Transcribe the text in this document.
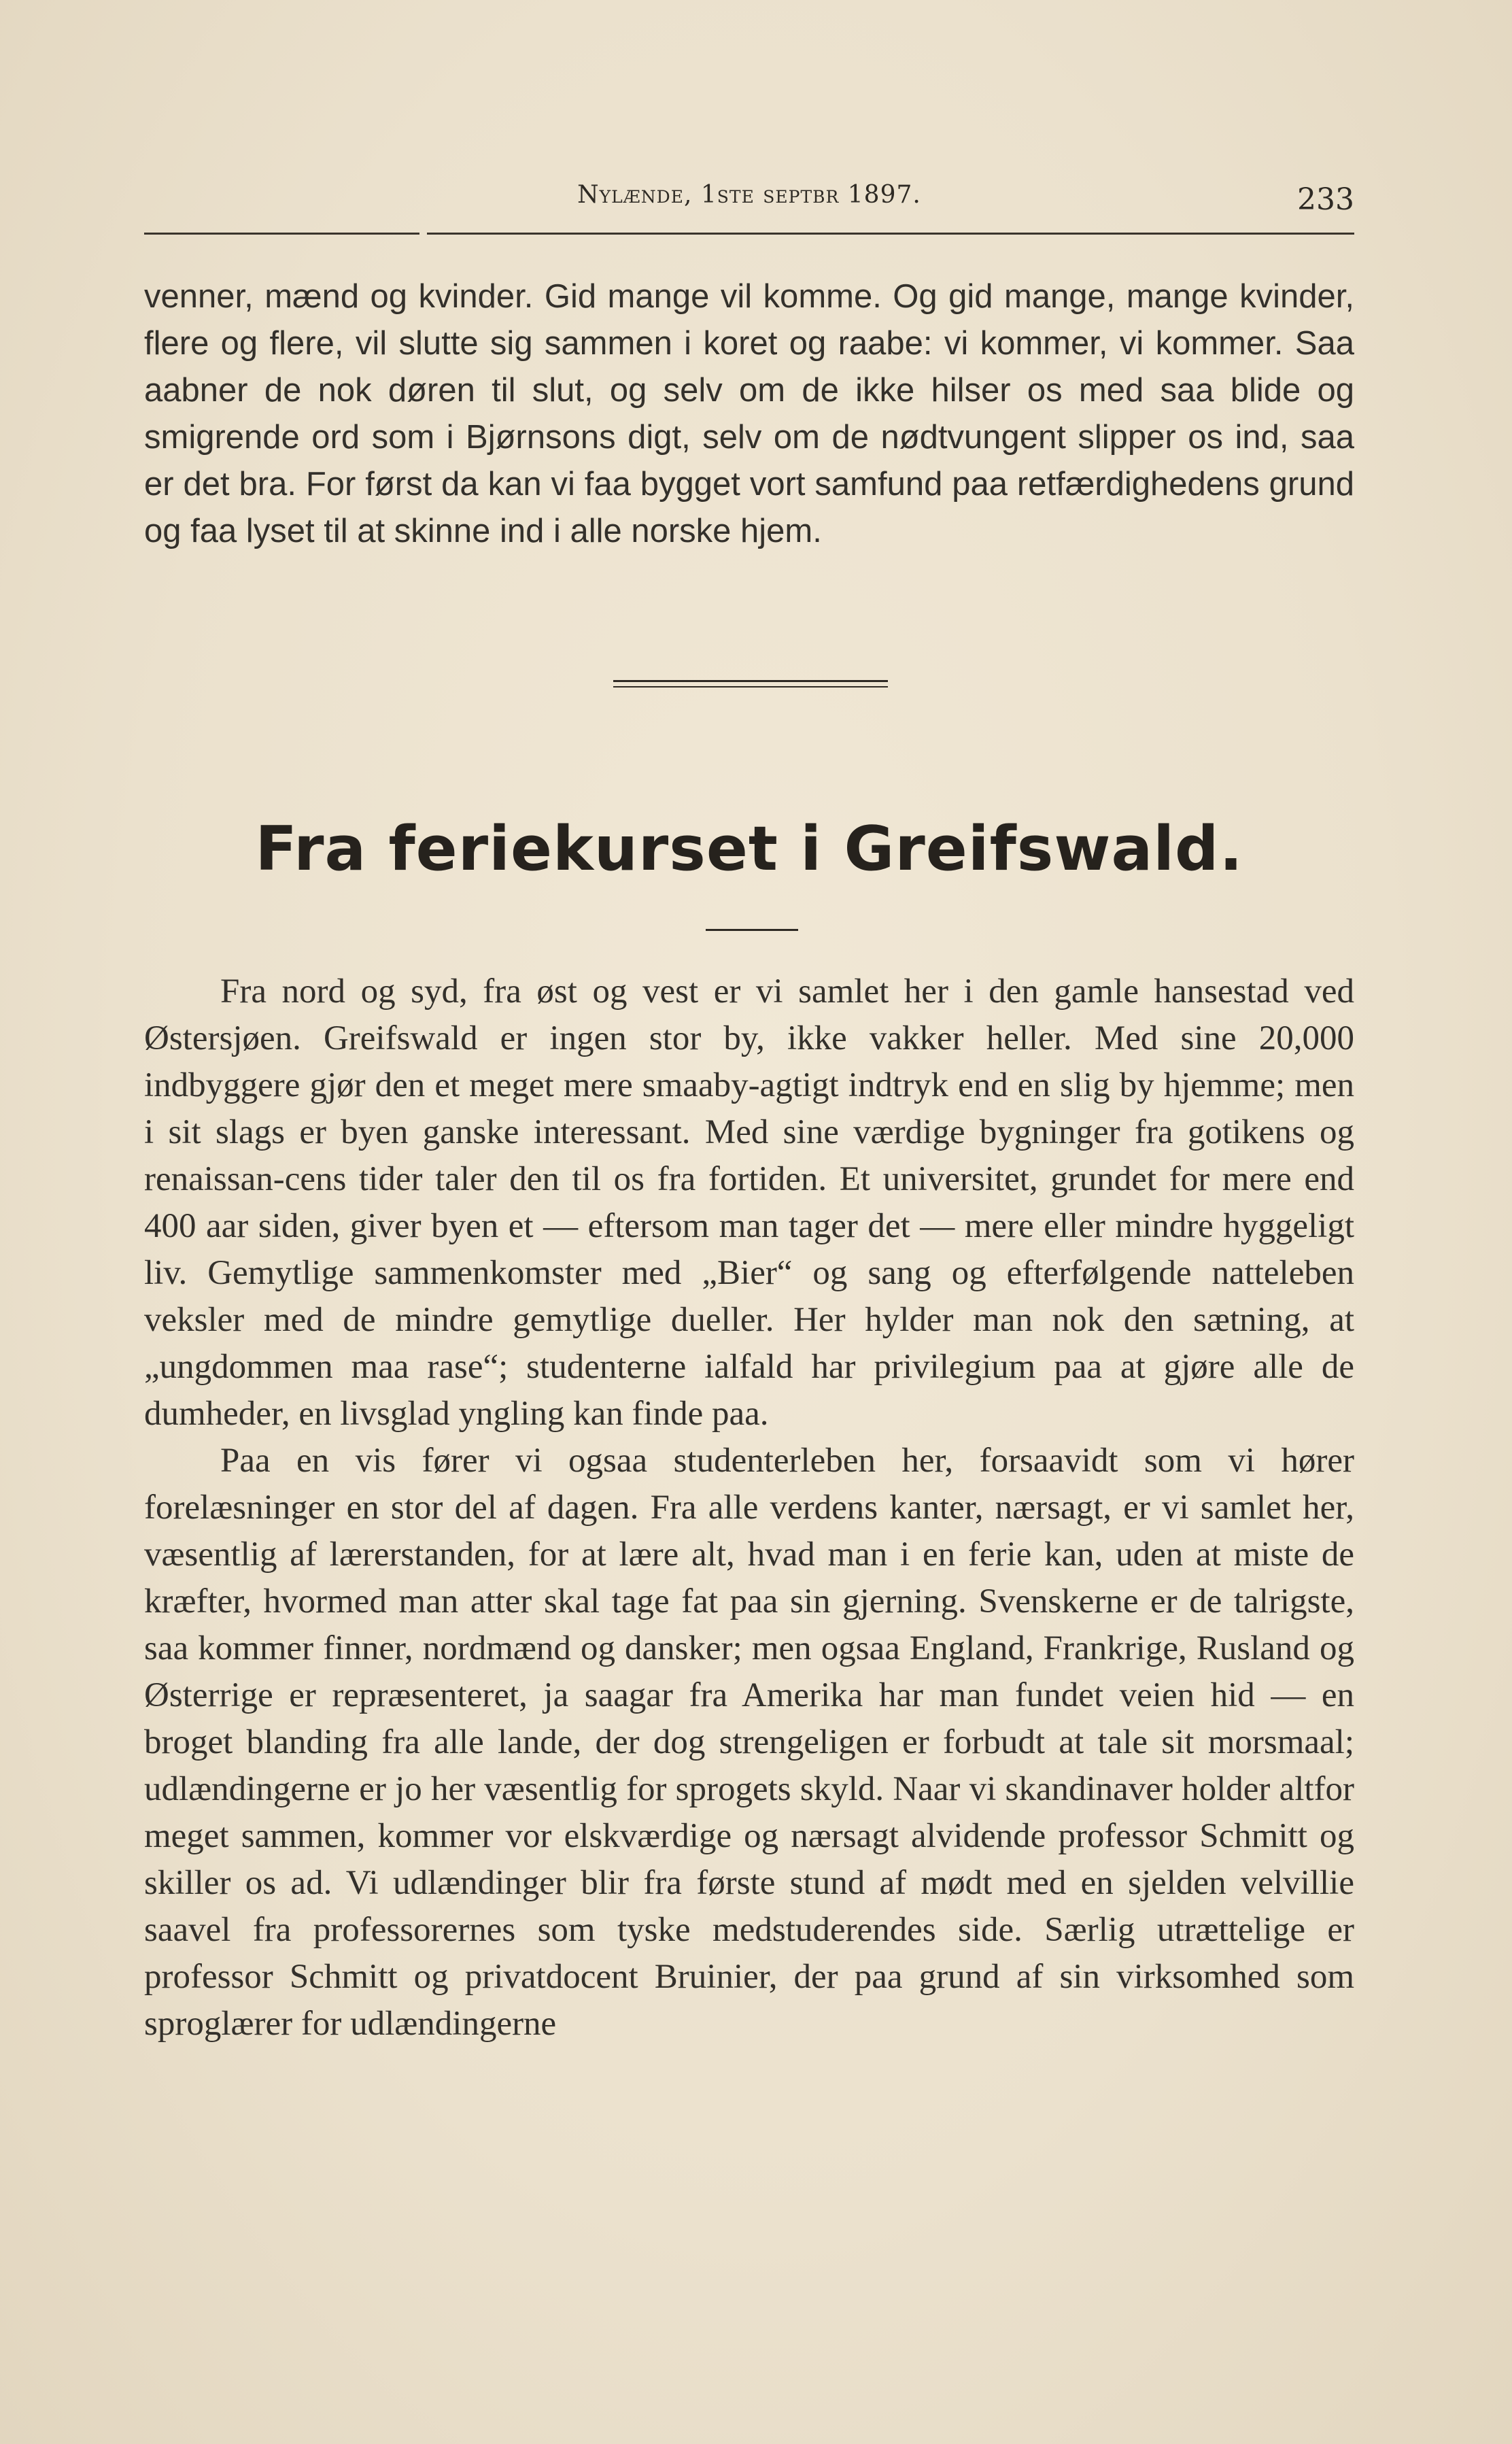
Nylænde, 1ste septbr 1897.	233

venner, mænd og kvinder. Gid mange vil komme. Og gid mange, mange kvinder, flere og flere, vil slutte sig sammen i koret og raabe: vi kommer, vi kommer. Saa aabner de nok døren til slut, og selv om de ikke hilser os med saa blide og smigrende ord som i Bjørnsons digt, selv om de nødtvungent slipper os ind, saa er det bra. For først da kan vi faa bygget vort samfund paa retfærdighedens grund og faa lyset til at skinne ind i alle norske hjem.

Fra feriekurset i Greifswald.

Fra nord og syd, fra øst og vest er vi samlet her i den gamle hansestad ved Østersjøen. Greifswald er ingen stor by, ikke vakker heller. Med sine 20,000 indbyggere gjør den et meget mere smaaby-agtigt indtryk end en slig by hjemme; men i sit slags er byen ganske interessant. Med sine værdige bygninger fra gotikens og renaissan-cens tider taler den til os fra fortiden. Et universitet, grundet for mere end 400 aar siden, giver byen et — eftersom man tager det — mere eller mindre hyggeligt liv. Gemytlige sammenkomster med „Bier“ og sang og efterfølgende natteleben veksler med de mindre gemytlige dueller. Her hylder man nok den sætning, at „ungdommen maa rase“; studenterne ialfald har privilegium paa at gjøre alle de dumheder, en livsglad yngling kan finde paa.

Paa en vis fører vi ogsaa studenterleben her, forsaavidt som vi hører forelæsninger en stor del af dagen. Fra alle verdens kanter, nærsagt, er vi samlet her, væsentlig af lærerstanden, for at lære alt, hvad man i en ferie kan, uden at miste de kræfter, hvormed man atter skal tage fat paa sin gjerning. Svenskerne er de talrigste, saa kommer finner, nordmænd og dansker; men ogsaa England, Frankrige, Rusland og Østerrige er repræsenteret, ja saagar fra Amerika har man fundet veien hid — en broget blanding fra alle lande, der dog strengeligen er forbudt at tale sit morsmaal; udlændingerne er jo her væsentlig for sprogets skyld. Naar vi skandinaver holder altfor meget sammen, kommer vor elskværdige og nærsagt alvidende professor Schmitt og skiller os ad. Vi udlændinger blir fra første stund af mødt med en sjelden velvillie saavel fra professorernes som tyske medstuderendes side. Særlig utrættelige er professor Schmitt og privatdocent Bruinier, der paa grund af sin virksomhed som sproglærer for udlændingerne
